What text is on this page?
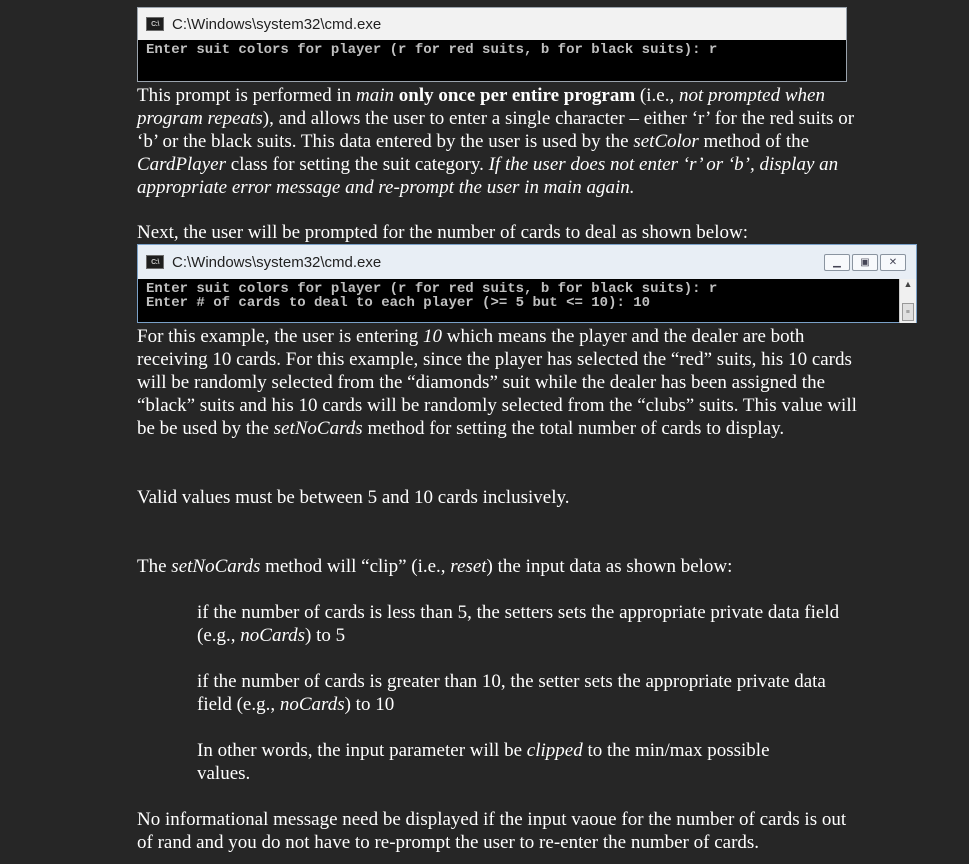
C:\ C:\Windows\system32\cmd.exe
Enter suit colors for player (r for red suits, b for black suits): r

This prompt is performed in main only once per entire program (i.e., not prompted when program repeats), and allows the user to enter a single character – either ‘r’ for the red suits or ‘b’ or the black suits. This data entered by the user is used by the setColor method of the CardPlayer class for setting the suit category. If the user does not enter ‘r’ or ‘b’, display an appropriate error message and re-prompt the user in main again.

Next, the user will be prompted for the number of cards to deal as shown below:

C:\ C:\Windows\system32\cmd.exe	▁	▣	✕
Enter suit colors for player (r for red suits, b for black suits): r
Enter # of cards to deal to each player (>= 5 but <= 10): 10
▲
≡

For this example, the user is entering 10 which means the player and the dealer are both receiving 10 cards. For this example, since the player has selected the “red” suits, his 10 cards will be randomly selected from the “diamonds” suit while the dealer has been assigned the “black” suits and his 10 cards will be randomly selected from the “clubs” suits. This value will be be used by the setNoCards method for setting the total number of cards to display.

Valid values must be between 5 and 10 cards inclusively.

The setNoCards method will “clip” (i.e., reset) the input data as shown below:

if the number of cards is less than 5, the setters sets the appropriate private data field (e.g., noCards) to 5

if the number of cards is greater than 10, the setter sets the appropriate private data field (e.g., noCards) to 10

In other words, the input parameter will be clipped to the min/max possible values.

No informational message need be displayed if the input vaoue for the number of cards is out of rand and you do not have to re-prompt the user to re-enter the number of cards.
